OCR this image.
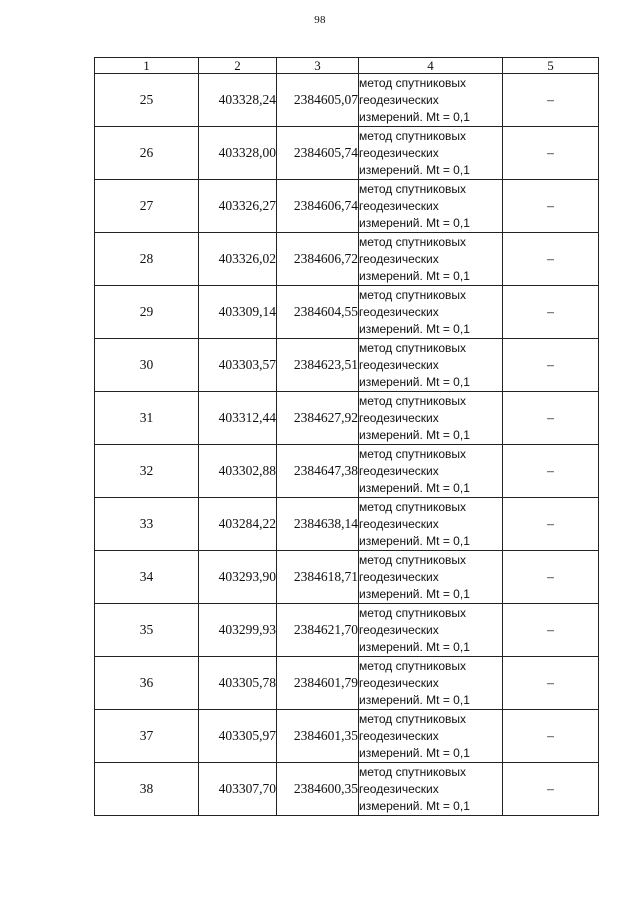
98
1	2	3	4	5
25	403328,24	2384605,07	метод спутниковых
геодезических
измерений. Mt = 0,1	–
26	403328,00	2384605,74	метод спутниковых
геодезических
измерений. Mt = 0,1	–
27	403326,27	2384606,74	метод спутниковых
геодезических
измерений. Mt = 0,1	–
28	403326,02	2384606,72	метод спутниковых
геодезических
измерений. Mt = 0,1	–
29	403309,14	2384604,55	метод спутниковых
геодезических
измерений. Mt = 0,1	–
30	403303,57	2384623,51	метод спутниковых
геодезических
измерений. Mt = 0,1	–
31	403312,44	2384627,92	метод спутниковых
геодезических
измерений. Mt = 0,1	–
32	403302,88	2384647,38	метод спутниковых
геодезических
измерений. Mt = 0,1	–
33	403284,22	2384638,14	метод спутниковых
геодезических
измерений. Mt = 0,1	–
34	403293,90	2384618,71	метод спутниковых
геодезических
измерений. Mt = 0,1	–
35	403299,93	2384621,70	метод спутниковых
геодезических
измерений. Mt = 0,1	–
36	403305,78	2384601,79	метод спутниковых
геодезических
измерений. Mt = 0,1	–
37	403305,97	2384601,35	метод спутниковых
геодезических
измерений. Mt = 0,1	–
38	403307,70	2384600,35	метод спутниковых
геодезических
измерений. Mt = 0,1	–
